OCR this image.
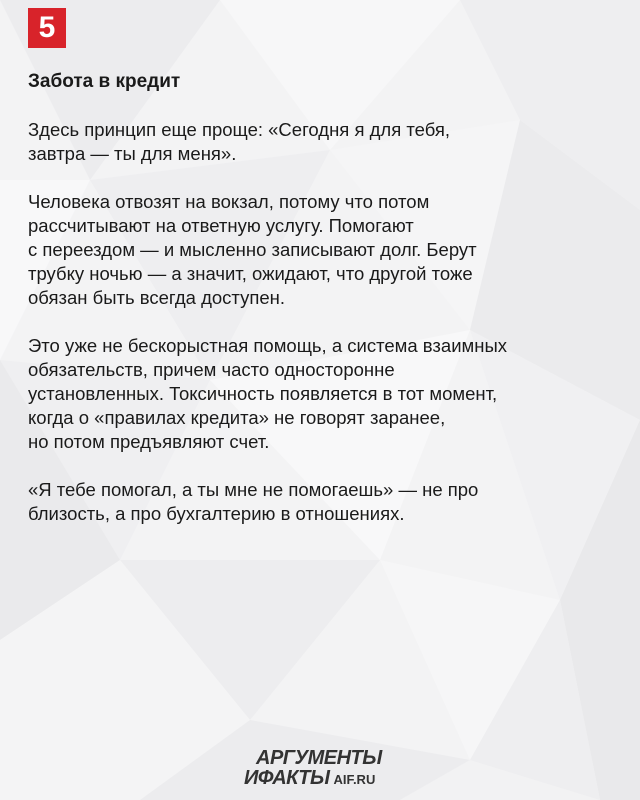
5
Забота в кредит
Здесь принцип еще проще: «Сегодня я для тебя,
завтра — ты для меня».
Человека отвозят на вокзал, потому что потом
рассчитывают на ответную услугу. Помогают
с переездом — и мысленно записывают долг. Берут
трубку ночью — а значит, ожидают, что другой тоже
обязан быть всегда доступен.
Это уже не бескорыстная помощь, а система взаимных
обязательств, причем часто односторонне
установленных. Токсичность появляется в тот момент,
когда о «правилах кредита» не говорят заранее,
но потом предъявляют счет.
«Я тебе помогал, а ты мне не помогаешь» — не про
близость, а про бухгалтерию в отношениях.
АРГУМЕНТЫ
ИФАКТЫ AIF.RU
